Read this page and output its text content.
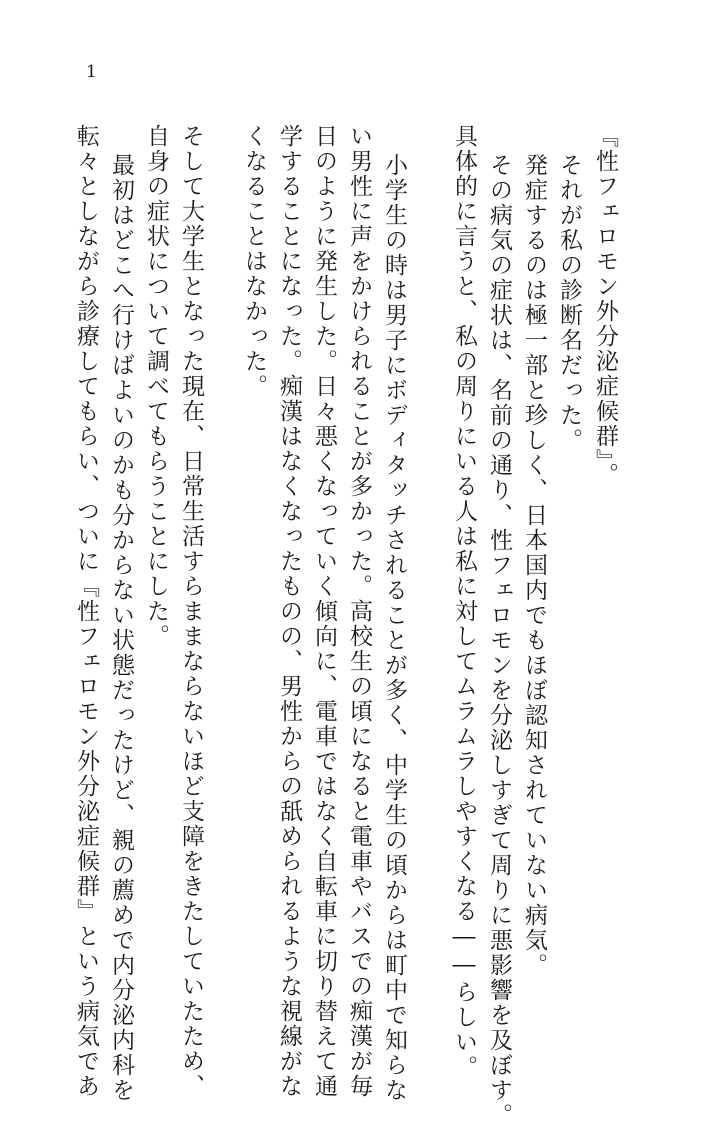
1
『性フェロモン外分泌症候群』。
それが私の診断名だった。
発症するのは極一部と珍しく、日本国内でもほぼ認知されていない病気。
その病気の症状は、名前の通り、性フェロモンを分泌しすぎて周りに悪影響を及ぼす。
具体的に言うと、私の周りにいる人は私に対してムラムラしやすくなる――らしい。
小学生の時は男子にボディタッチされることが多く、中学生の頃からは町中で知らな
い男性に声をかけられることが多かった。高校生の頃になると電車やバスでの痴漢が毎
日のように発生した。日々悪くなっていく傾向に、電車ではなく自転車に切り替えて通
学することになった。痴漢はなくなったものの、男性からの舐められるような視線がな
くなることはなかった。
そして大学生となった現在、日常生活すらままならないほど支障をきたしていたため、
自身の症状について調べてもらうことにした。
最初はどこへ行けばよいのかも分からない状態だったけど、親の薦めで内分泌内科を
転々としながら診療してもらい、ついに『性フェロモン外分泌症候群』という病気であ
